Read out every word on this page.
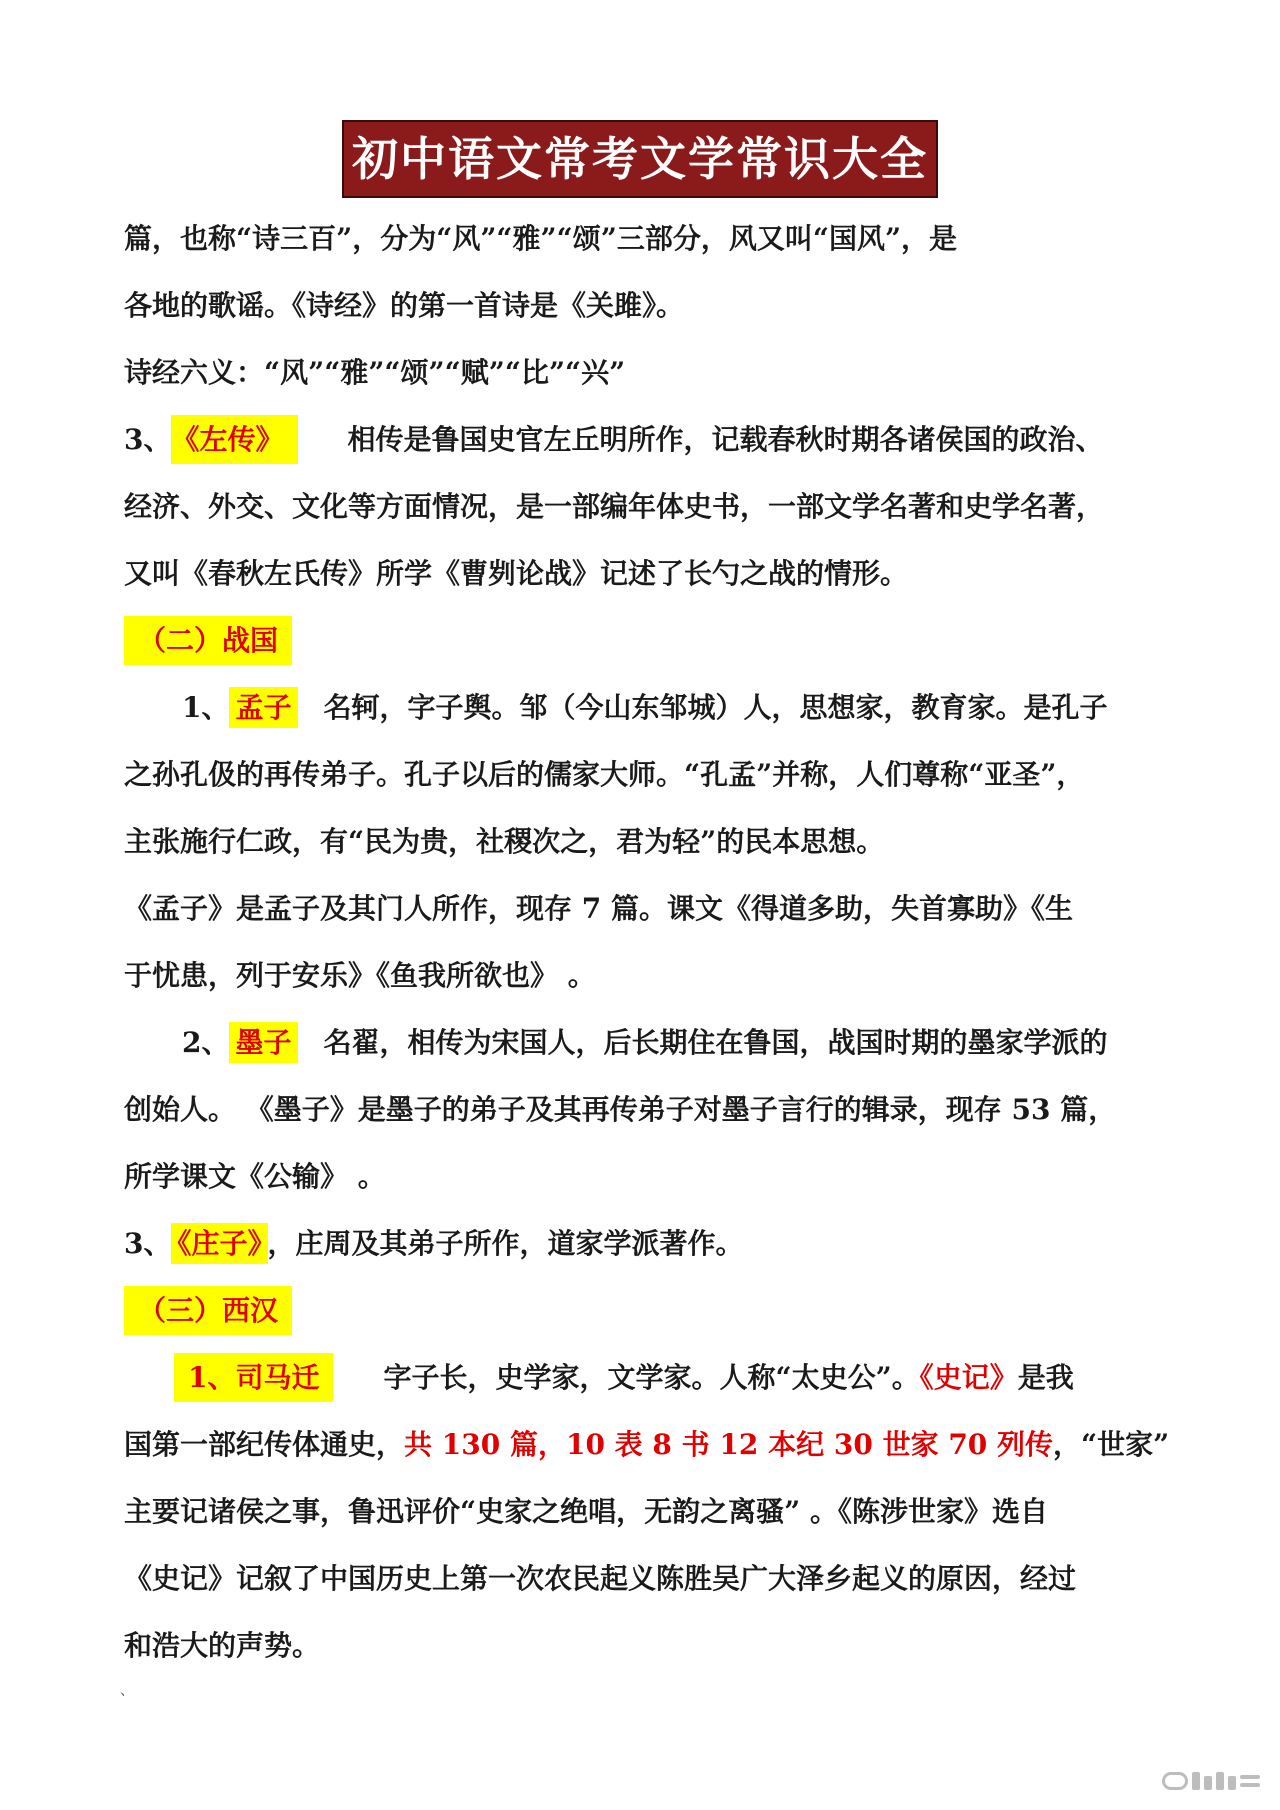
初中语文常考文学常识大全
篇，也称“诗三百”，分为“风”“雅”“颂”三部分，风又叫“国风”，是
各地的歌谣。《诗经》的第一首诗是《关雎》。
诗经六义：“风”“雅”“颂”“赋”“比”“兴”
3、 《左传》 相传是鲁国史官左丘明所作，记载春秋时期各诸侯国的政治、
经济、外交、文化等方面情况，是一部编年体史书，一部文学名著和史学名著，
又叫《春秋左氏传》所学《曹刿论战》记述了长勺之战的情形。
（二）战国
1、 孟子 名轲，字子舆。邹（今山东邹城）人，思想家，教育家。是孔子
之孙孔伋的再传弟子。孔子以后的儒家大师。“孔孟”并称，人们尊称“亚圣”，
主张施行仁政，有“民为贵，社稷次之，君为轻”的民本思想。
《孟子》是孟子及其门人所作，现存 7 篇。课文《得道多助，失首寡助》《生
于忧患，列于安乐》《鱼我所欲也》 。
2、 墨子 名翟，相传为宋国人，后长期住在鲁国，战国时期的墨家学派的
创始人。 《墨子》是墨子的弟子及其再传弟子对墨子言行的辑录，现存 53 篇，
所学课文《公输》 。
3、 《庄子》 ，庄周及其弟子所作，道家学派著作。
（三）西汉
1、司马迁 字子长，史学家，文学家。人称“太史公”。《史记》是我
国第一部纪传体通史，共 130 篇，10 表 8 书 12 本纪 30 世家 70 列传，“世家”
主要记诸侯之事，鲁迅评价“史家之绝唱，无韵之离骚” 。《陈涉世家》选自
《史记》记叙了中国历史上第一次农民起义陈胜吴广大泽乡起义的原因，经过
和浩大的声势。
、
